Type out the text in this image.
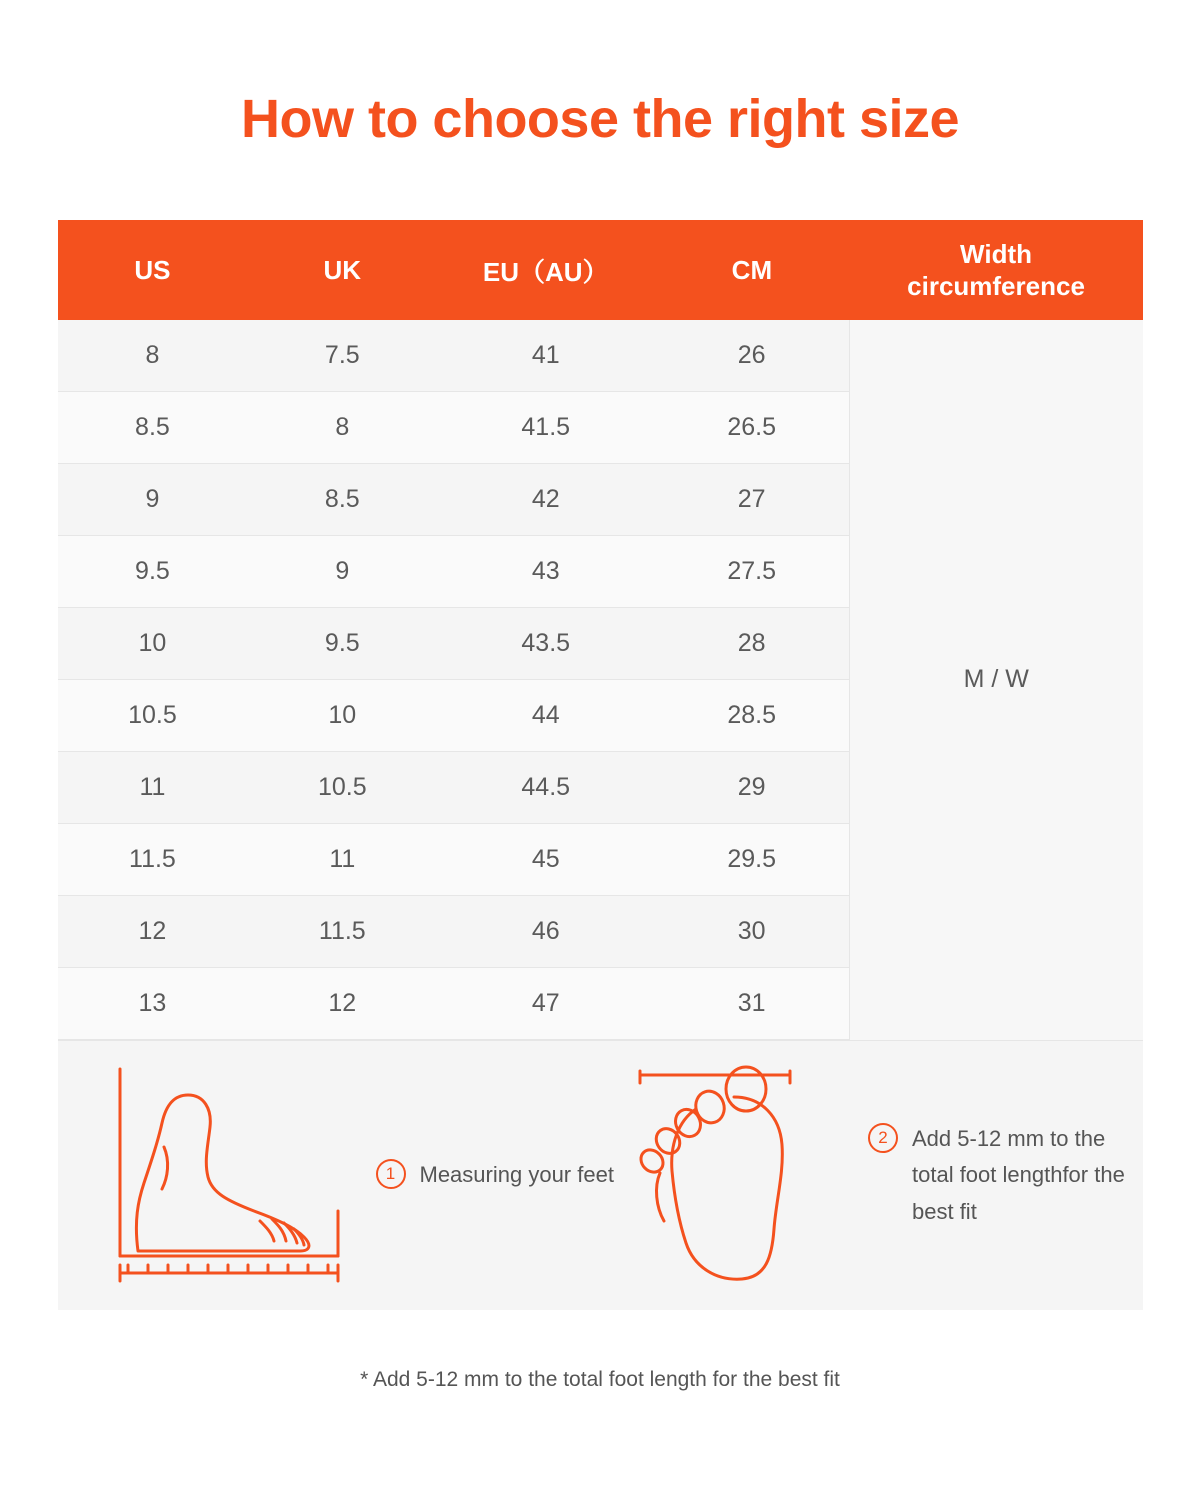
How to choose the right size
US	UK	EU（AU）	CM	Width
circumference

8	7.5	41	26	M / W
8.5	8	41.5	26.5	
9	8.5	42	27	
9.5	9	43	27.5	
10	9.5	43.5	28	
10.5	10	44	28.5	
11	10.5	44.5	29	
11.5	11	45	29.5	
12	11.5	46	30	
13	12	47	31	
1	Measuring your feet
2	Add 5-12 mm to the total foot lengthfor the best fit
* Add 5-12 mm to the total foot length for the best fit
